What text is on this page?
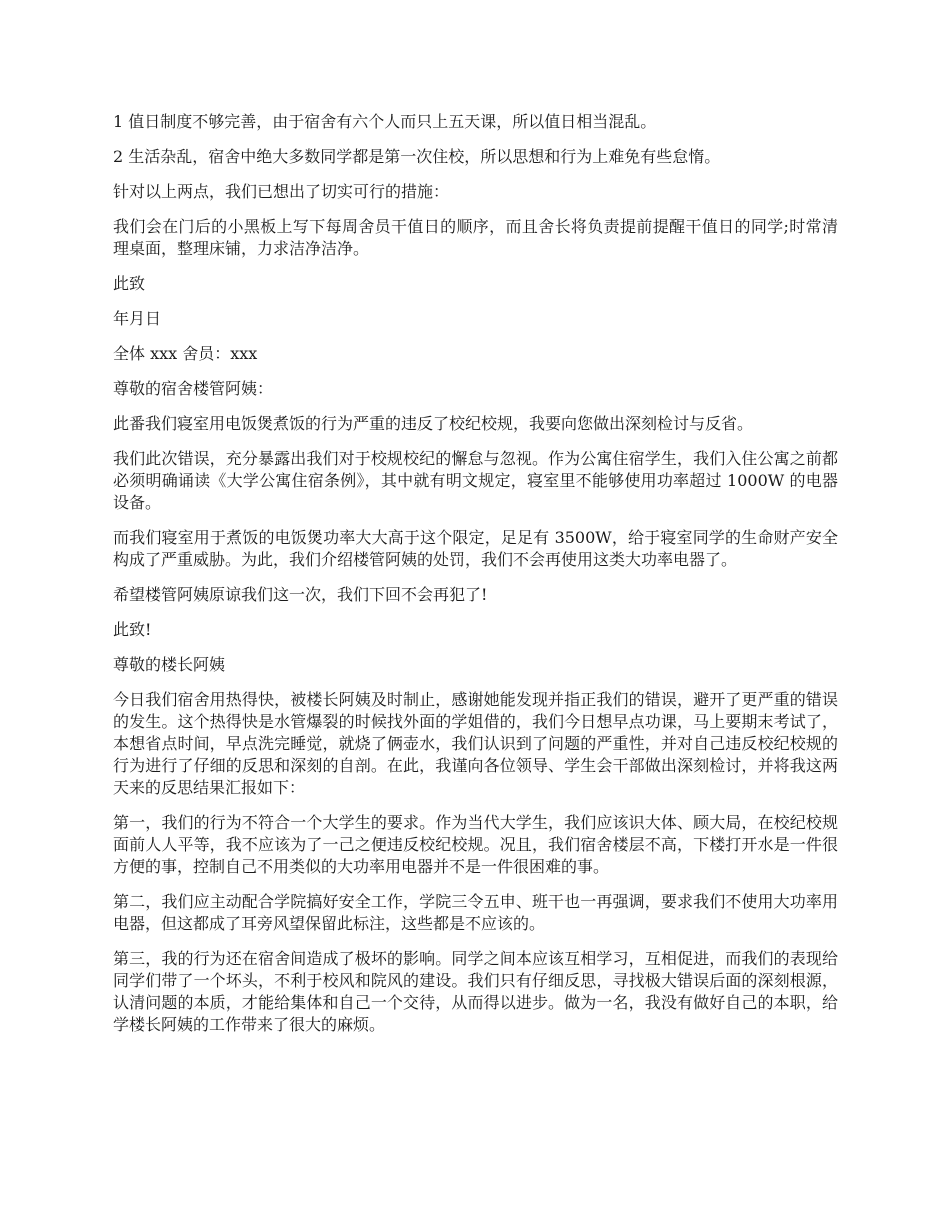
1 值日制度不够完善，由于宿舍有六个人而只上五天课，所以值日相当混乱。

2 生活杂乱，宿舍中绝大多数同学都是第一次住校，所以思想和行为上难免有些怠惰。

针对以上两点，我们已想出了切实可行的措施：

我们会在门后的小黑板上写下每周舍员干值日的顺序，而且舍长将负责提前提醒干值日的同学;时常清理桌面，整理床铺，力求洁净洁净。

此致

年月日

全体 xxx 舍员：xxx

尊敬的宿舍楼管阿姨：

此番我们寝室用电饭煲煮饭的行为严重的违反了校纪校规，我要向您做出深刻检讨与反省。

我们此次错误，充分暴露出我们对于校规校纪的懈怠与忽视。作为公寓住宿学生，我们入住公寓之前都必须明确诵读《大学公寓住宿条例》，其中就有明文规定，寝室里不能够使用功率超过 1000W 的电器设备。

而我们寝室用于煮饭的电饭煲功率大大高于这个限定，足足有 3500W，给于寝室同学的生命财产安全构成了严重威胁。为此，我们介绍楼管阿姨的处罚，我们不会再使用这类大功率电器了。

希望楼管阿姨原谅我们这一次，我们下回不会再犯了!

此致!

尊敬的楼长阿姨

今日我们宿舍用热得快，被楼长阿姨及时制止，感谢她能发现并指正我们的错误，避开了更严重的错误的发生。这个热得快是水管爆裂的时候找外面的学姐借的，我们今日想早点功课，马上要期末考试了，本想省点时间，早点洗完睡觉，就烧了俩壶水，我们认识到了问题的严重性，并对自己违反校纪校规的行为进行了仔细的反思和深刻的自剖。在此，我谨向各位领导、学生会干部做出深刻检讨，并将我这两天来的反思结果汇报如下：

第一，我们的行为不符合一个大学生的要求。作为当代大学生，我们应该识大体、顾大局，在校纪校规面前人人平等，我不应该为了一己之便违反校纪校规。况且，我们宿舍楼层不高，下楼打开水是一件很方便的事，控制自己不用类似的大功率用电器并不是一件很困难的事。

第二，我们应主动配合学院搞好安全工作，学院三令五申、班干也一再强调，要求我们不使用大功率用电器，但这都成了耳旁风望保留此标注，这些都是不应该的。

第三，我的行为还在宿舍间造成了极坏的影响。同学之间本应该互相学习，互相促进，而我们的表现给同学们带了一个坏头，不利于校风和院风的建设。我们只有仔细反思，寻找极大错误后面的深刻根源，认清问题的本质，才能给集体和自己一个交待，从而得以进步。做为一名，我没有做好自己的本职，给学楼长阿姨的工作带来了很大的麻烦。
